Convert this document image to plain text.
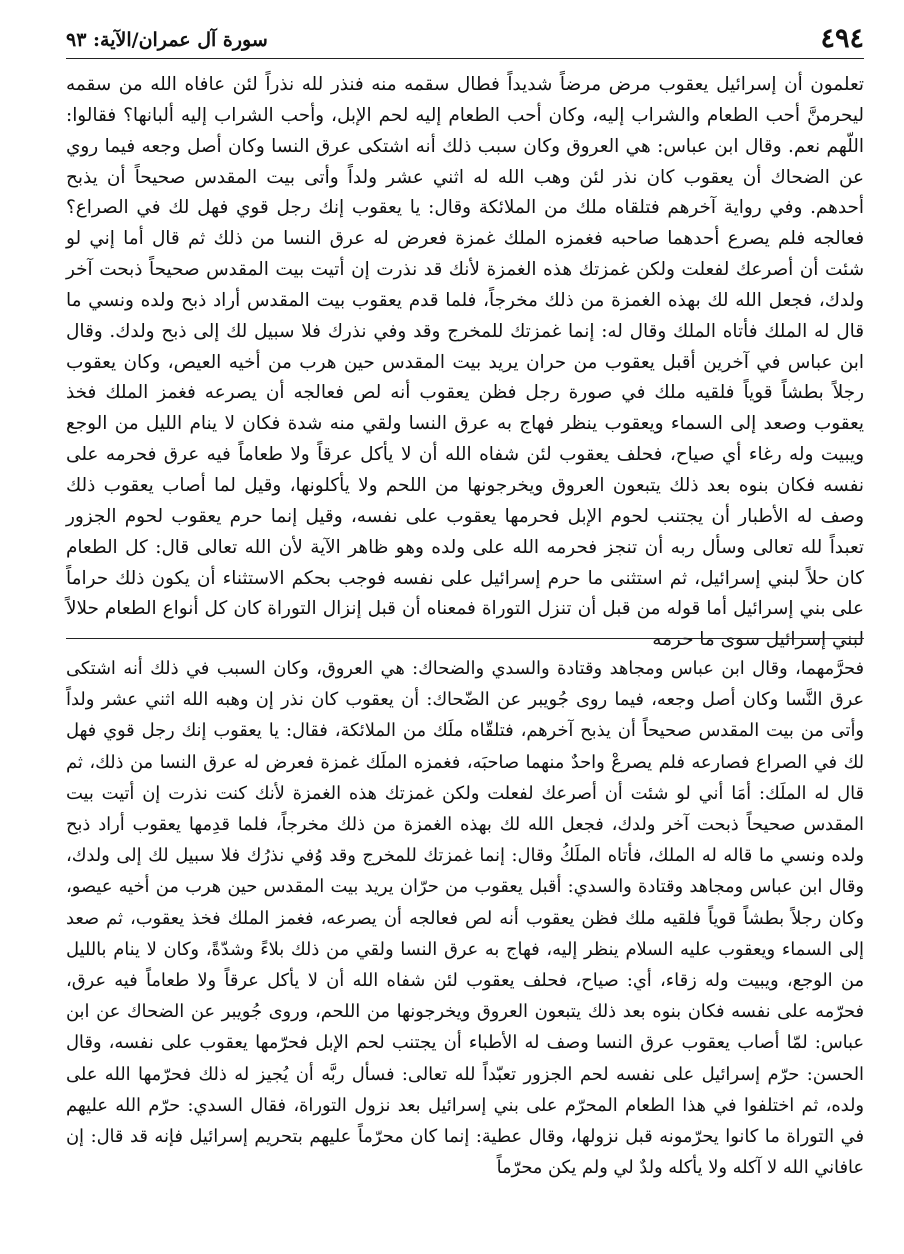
٤٩٤
سورة آل عمران/الآية: ٩٣

تعلمون أن إسرائيل يعقوب مرض مرضاً شديداً فطال سقمه منه فنذر لله نذراً لئن عافاه الله من سقمه ليحرمنَّ أحب الطعام والشراب إليه، وكان أحب الطعام إليه لحم الإبل، وأحب الشراب إليه ألبانها؟ فقالوا: اللّهم نعم. وقال ابن عباس: هي العروق وكان سبب ذلك أنه اشتكى عرق النسا وكان أصل وجعه فيما روي عن الضحاك أن يعقوب كان نذر لئن وهب الله له اثني عشر ولداً وأتى بيت المقدس صحيحاً أن يذبح أحدهم. وفي رواية آخرهم فتلقاه ملك من الملائكة وقال: يا يعقوب إنك رجل قوي فهل لك في الصراع؟ فعالجه فلم يصرع أحدهما صاحبه فغمزه الملك غمزة فعرض له عرق النسا من ذلك ثم قال أما إني لو شئت أن أصرعك لفعلت ولكن غمزتك هذه الغمزة لأنك قد نذرت إن أتيت بيت المقدس صحيحاً ذبحت آخر ولدك، فجعل الله لك بهذه الغمزة من ذلك مخرجاً، فلما قدم يعقوب بيت المقدس أراد ذبح ولده ونسي ما قال له الملك فأتاه الملك وقال له: إنما غمزتك للمخرج وقد وفي نذرك فلا سبيل لك إلى ذبح ولدك. وقال ابن عباس في آخرين أقبل يعقوب من حران يريد بيت المقدس حين هرب من أخيه العيص، وكان يعقوب رجلاً بطشاً قوياً فلقيه ملك في صورة رجل فظن يعقوب أنه لص فعالجه أن يصرعه فغمز الملك فخذ يعقوب وصعد إلى السماء ويعقوب ينظر فهاج به عرق النسا ولقي منه شدة فكان لا ينام الليل من الوجع ويبيت وله رغاء أي صياح، فحلف يعقوب لئن شفاه الله أن لا يأكل عرقاً ولا طعاماً فيه عرق فحرمه على نفسه فكان بنوه بعد ذلك يتبعون العروق ويخرجونها من اللحم ولا يأكلونها، وقيل لما أصاب يعقوب ذلك وصف له الأطبار أن يجتنب لحوم الإبل فحرمها يعقوب على نفسه، وقيل إنما حرم يعقوب لحوم الجزور تعبداً لله تعالى وسأل ربه أن تنجز فحرمه الله على ولده وهو ظاهر الآية لأن الله تعالى قال: كل الطعام كان حلاً لبني إسرائيل، ثم استثنى ما حرم إسرائيل على نفسه فوجب بحكم الاستثناء أن يكون ذلك حراماً على بني إسرائيل أما قوله من قبل أن تنزل التوراة فمعناه أن قبل إنزال التوراة كان كل أنواع الطعام حلالاً لبني إسرائيل سوى ما حرمه

فحرَّمهما، وقال ابن عباس ومجاهد وقتادة والسدي والضحاك: هي العروق، وكان السبب في ذلك أنه اشتكى عرق النَّسا وكان أصل وجعه، فيما روى جُويبر عن الضّحاك: أن يعقوب كان نذر إن وهبه الله اثني عشر ولداً وأتى من بيت المقدس صحيحاً أن يذبح آخرهم، فتلقّاه ملَك من الملائكة، فقال: يا يعقوب إنك رجل قوي فهل لك في الصراع فصارعه فلم يصرعْ واحدٌ منهما صاحبَه، فغمزه الملَك غمزة فعرض له عرق النسا من ذلك، ثم قال له الملَك: أمَا أني لو شئت أن أصرعك لفعلت ولكن غمزتك هذه الغمزة لأنك كنت نذرت إن أتيت بيت المقدس صحيحاً ذبحت آخر ولدك، فجعل الله لك بهذه الغمزة من ذلك مخرجاً، فلما قدِمها يعقوب أراد ذبح ولده ونسي ما قاله له الملك، فأتاه الملَكُ وقال: إنما غمزتك للمخرج وقد وُفي نذرُك فلا سبيل لك إلى ولدك، وقال ابن عباس ومجاهد وقتادة والسدي: أقبل يعقوب من حرّان يريد بيت المقدس حين هرب من أخيه عيصو، وكان رجلاً بطشاً قوياً فلقيه ملك فظن يعقوب أنه لص فعالجه أن يصرعه، فغمز الملك فخذ يعقوب، ثم صعد إلى السماء ويعقوب عليه السلام ينظر إليه، فهاج به عرق النسا ولقي من ذلك بلاءً وشدّةً، وكان لا ينام بالليل من الوجع، ويبيت وله زقاء، أي: صياح، فحلف يعقوب لئن شفاه الله أن لا يأكل عرقاً ولا طعاماً فيه عرق، فحرّمه على نفسه فكان بنوه بعد ذلك يتبعون العروق ويخرجونها من اللحم، وروى جُويبر عن الضحاك عن ابن عباس: لمّا أصاب يعقوب عرق النسا وصف له الأطباء أن يجتنب لحم الإبل فحرّمها يعقوب على نفسه، وقال الحسن: حرّم إسرائيل على نفسه لحم الجزور تعبّداً لله تعالى: فسأل ربَّه أن يُجيز له ذلك فحرّمها الله على ولده، ثم اختلفوا في هذا الطعام المحرّم على بني إسرائيل بعد نزول التوراة، فقال السدي: حرّم الله عليهم في التوراة ما كانوا يحرّمونه قبل نزولها، وقال عطية: إنما كان محرّماً عليهم بتحريم إسرائيل فإنه قد قال: إن عافاني الله لا آكله ولا يأكله ولدٌ لي ولم يكن محرّماً
